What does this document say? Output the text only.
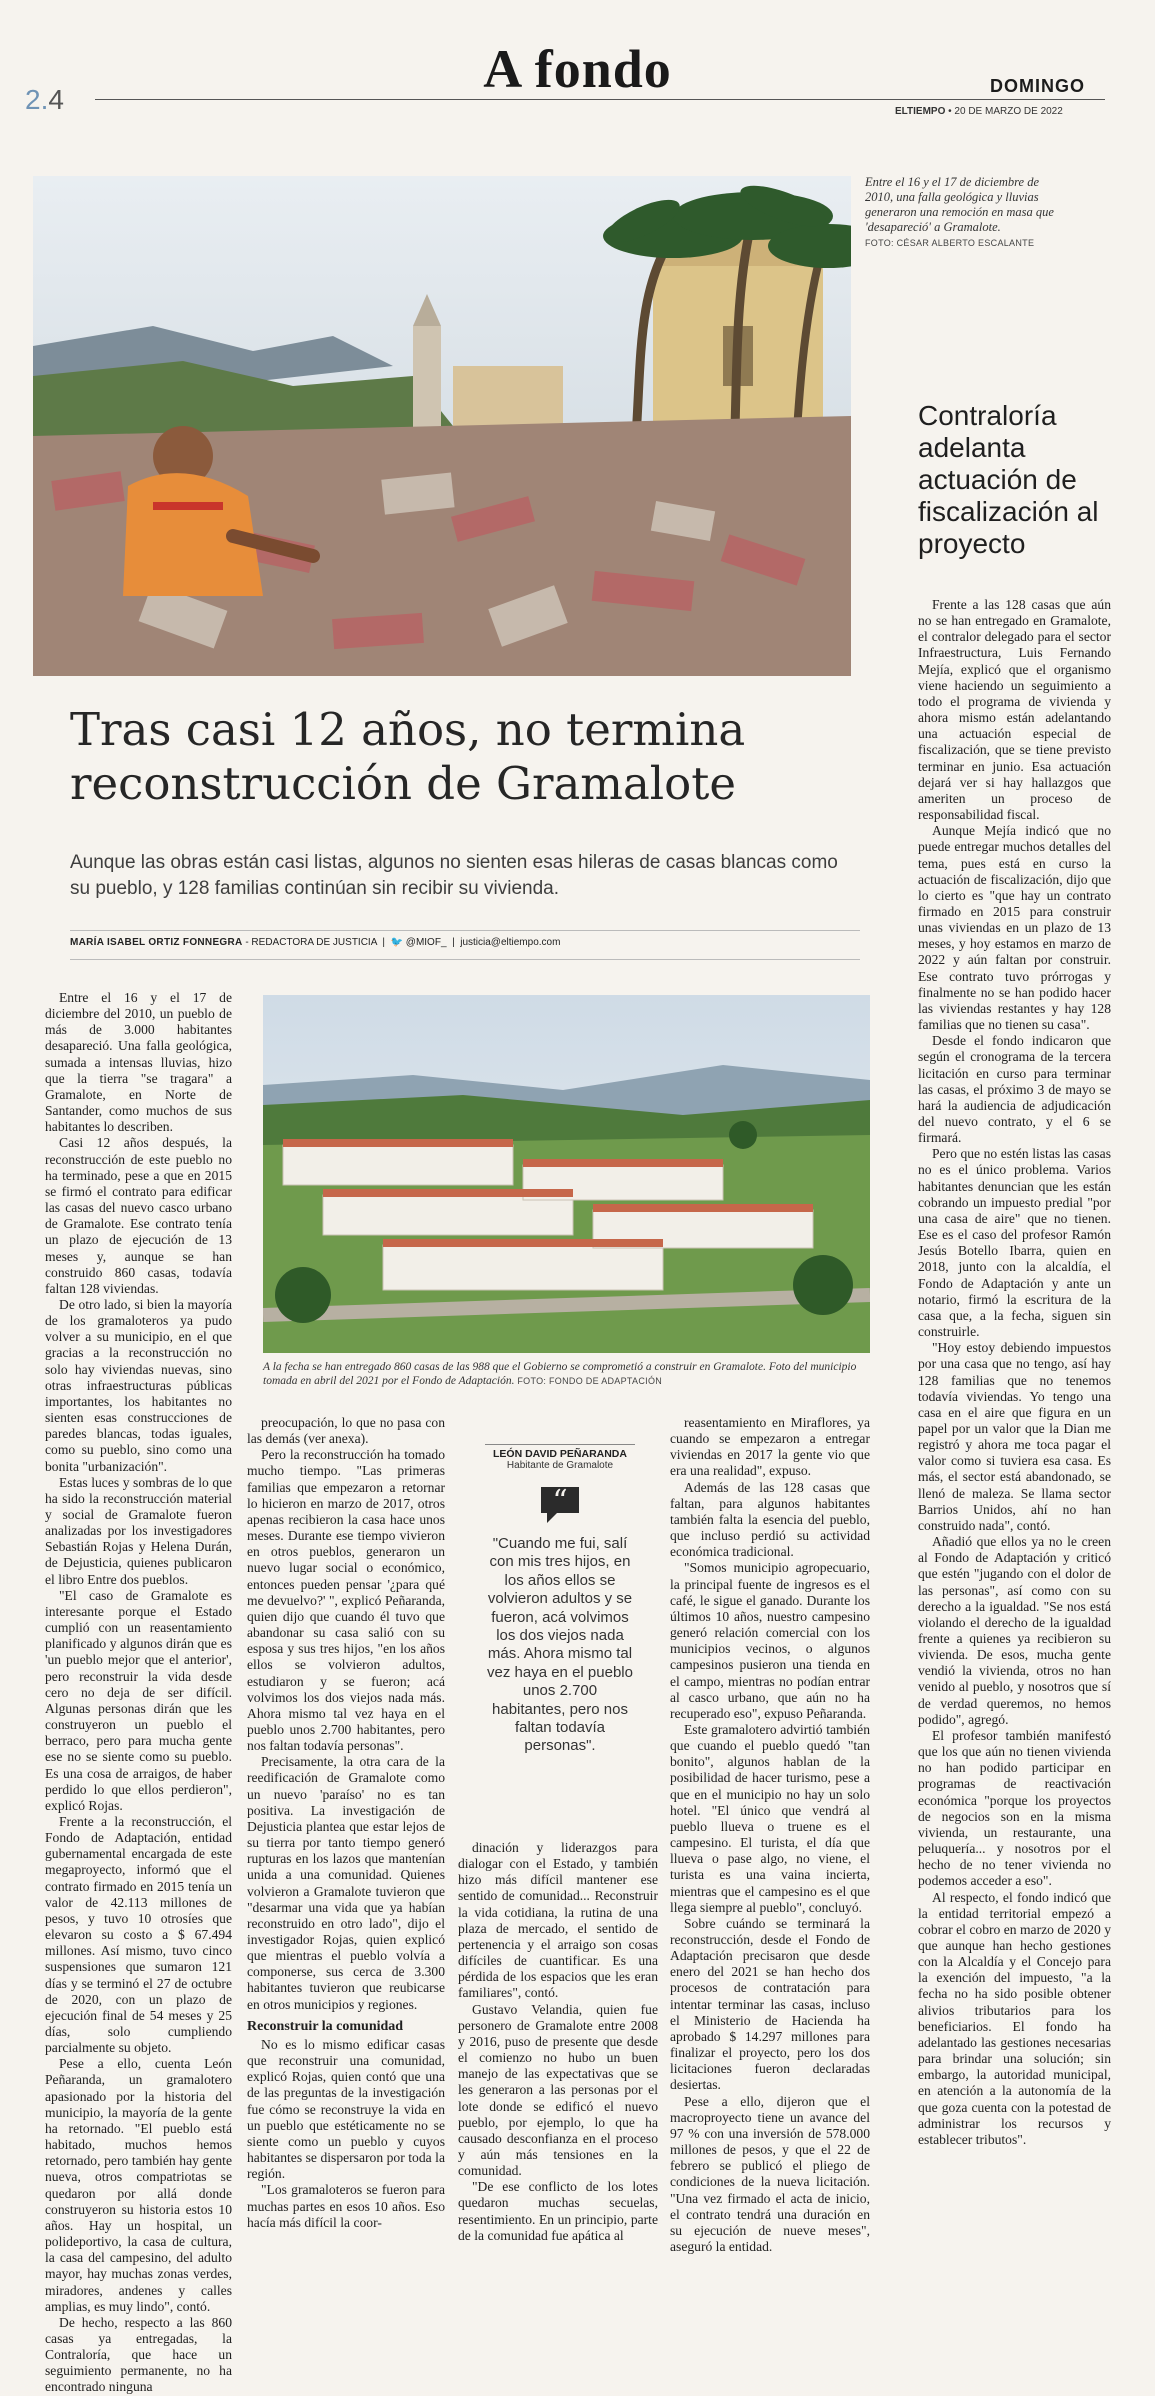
2.4
A fondo	DOMINGO
ELTIEMPO • 20 DE MARZO DE 2022
Entre el 16 y el 17 de diciembre de 2010, una falla geológica y lluvias generaron una remoción en masa que 'desapareció' a Gramalote.
FOTO: CÉSAR ALBERTO ESCALANTE
Contraloría adelanta actuación de fiscalización al proyecto
Tras casi 12 años, no termina reconstrucción de Gramalote
Aunque las obras están casi listas, algunos no sienten esas hileras de casas blancas como su pueblo, y 128 familias continúan sin recibir su vivienda.
MARÍA ISABEL ORTIZ FONNEGRA - REDACTORA DE JUSTICIA  |  🐦 @MIOF_  |  justicia@eltiempo.com

Entre el 16 y el 17 de diciembre del 2010, un pueblo de más de 3.000 habitantes desapareció. Una falla geológica, sumada a intensas lluvias, hizo que la tierra "se tragara" a Gramalote, en Norte de Santander, como muchos de sus habitantes lo describen.

Casi 12 años después, la reconstrucción de este pueblo no ha terminado, pese a que en 2015 se firmó el contrato para edificar las casas del nuevo casco urbano de Gramalote. Ese contrato tenía un plazo de ejecución de 13 meses y, aunque se han construido 860 casas, todavía faltan 128 viviendas.

De otro lado, si bien la mayoría de los gramaloteros ya pudo volver a su municipio, en el que gracias a la reconstrucción no solo hay viviendas nuevas, sino otras infraestructuras públicas importantes, los habitantes no sienten esas construcciones de paredes blancas, todas iguales, como su pueblo, sino como una bonita "urbanización".

Estas luces y sombras de lo que ha sido la reconstrucción material y social de Gramalote fueron analizadas por los investigadores Sebastián Rojas y Helena Durán, de Dejusticia, quienes publicaron el libro Entre dos pueblos.

"El caso de Gramalote es interesante porque el Estado cumplió con un reasentamiento planificado y algunos dirán que es 'un pueblo mejor que el anterior', pero reconstruir la vida desde cero no deja de ser difícil. Algunas personas dirán que les construyeron un pueblo el berraco, pero para mucha gente ese no se siente como su pueblo. Es una cosa de arraigos, de haber perdido lo que ellos perdieron", explicó Rojas.

Frente a la reconstrucción, el Fondo de Adaptación, entidad gubernamental encargada de este megaproyecto, informó que el contrato firmado en 2015 tenía un valor de 42.113 millones de pesos, y tuvo 10 otrosíes que elevaron su costo a $ 67.494 millones. Así mismo, tuvo cinco suspensiones que sumaron 121 días y se terminó el 27 de octubre de 2020, con un plazo de ejecución final de 54 meses y 25 días, solo cumpliendo parcialmente su objeto.

Pese a ello, cuenta León Peñaranda, un gramalotero apasionado por la historia del municipio, la mayoría de la gente ha retornado. "El pueblo está habitado, muchos hemos retornado, pero también hay gente nueva, otros compatriotas se quedaron por allá donde construyeron su historia estos 10 años. Hay un hospital, un polideportivo, la casa de cultura, la casa del campesino, del adulto mayor, hay muchas zonas verdes, miradores, andenes y calles amplias, es muy lindo", contó.

De hecho, respecto a las 860 casas ya entregadas, la Contraloría, que hace un seguimiento permanente, no ha encontrado ninguna

A la fecha se han entregado 860 casas de las 988 que el Gobierno se comprometió a construir en Gramalote. Foto del municipio tomada en abril del 2021 por el Fondo de Adaptación. FOTO: FONDO DE ADAPTACIÓN

preocupación, lo que no pasa con las demás (ver anexa).

Pero la reconstrucción ha tomado mucho tiempo. "Las primeras familias que empezaron a retornar lo hicieron en marzo de 2017, otros apenas recibieron la casa hace unos meses. Durante ese tiempo vivieron en otros pueblos, generaron un nuevo lugar social o económico, entonces pueden pensar '¿para qué me devuelvo?' ", explicó Peñaranda, quien dijo que cuando él tuvo que abandonar su casa salió con su esposa y sus tres hijos, "en los años ellos se volvieron adultos, estudiaron y se fueron; acá volvimos los dos viejos nada más. Ahora mismo tal vez haya en el pueblo unos 2.700 habitantes, pero nos faltan todavía personas".

Precisamente, la otra cara de la reedificación de Gramalote como un nuevo 'paraíso' no es tan positiva. La investigación de Dejusticia plantea que estar lejos de su tierra por tanto tiempo generó rupturas en los lazos que mantenían unida a una comunidad. Quienes volvieron a Gramalote tuvieron que "desarmar una vida que ya habían reconstruido en otro lado", dijo el investigador Rojas, quien explicó que mientras el pueblo volvía a componerse, sus cerca de 3.300 habitantes tuvieron que reubicarse en otros municipios y regiones.

Reconstruir la comunidad

No es lo mismo edificar casas que reconstruir una comunidad, explicó Rojas, quien contó que una de las preguntas de la investigación fue cómo se reconstruye la vida en un pueblo que estéticamente no se siente como un pueblo y cuyos habitantes se dispersaron por toda la región.

"Los gramaloteros se fueron para muchas partes en esos 10 años. Eso hacía más difícil la coor-

LEÓN DAVID PEÑARANDA
Habitante de Gramalote
“
"Cuando me fui, salí con mis tres hijos, en los años ellos se volvieron adultos y se fueron, acá volvimos los dos viejos nada más. Ahora mismo tal vez haya en el pueblo unos 2.700 habitantes, pero nos faltan todavía personas".

dinación y liderazgos para dialogar con el Estado, y también hizo más difícil mantener ese sentido de comunidad... Reconstruir la vida cotidiana, la rutina de una plaza de mercado, el sentido de pertenencia y el arraigo son cosas difíciles de cuantificar. Es una pérdida de los espacios que les eran familiares", contó.

Gustavo Velandia, quien fue personero de Gramalote entre 2008 y 2016, puso de presente que desde el comienzo no hubo un buen manejo de las expectativas que se les generaron a las personas por el lote donde se edificó el nuevo pueblo, por ejemplo, lo que ha causado desconfianza en el proceso y aún más tensiones en la comunidad.

"De ese conflicto de los lotes quedaron muchas secuelas, resentimiento. En un principio, parte de la comunidad fue apática al

reasentamiento en Miraflores, ya cuando se empezaron a entregar viviendas en 2017 la gente vio que era una realidad", expuso.

Además de las 128 casas que faltan, para algunos habitantes también falta la esencia del pueblo, que incluso perdió su actividad económica tradicional.

"Somos municipio agropecuario, la principal fuente de ingresos es el café, le sigue el ganado. Durante los últimos 10 años, nuestro campesino generó relación comercial con los municipios vecinos, o algunos campesinos pusieron una tienda en el campo, mientras no podían entrar al casco urbano, que aún no ha recuperado eso", expuso Peñaranda.

Este gramalotero advirtió también que cuando el pueblo quedó "tan bonito", algunos hablan de la posibilidad de hacer turismo, pese a que en el municipio no hay un solo hotel. "El único que vendrá al pueblo llueva o truene es el campesino. El turista, el día que llueva o pase algo, no viene, el turista es una vaina incierta, mientras que el campesino es el que llega siempre al pueblo", concluyó.

Sobre cuándo se terminará la reconstrucción, desde el Fondo de Adaptación precisaron que desde enero del 2021 se han hecho dos procesos de contratación para intentar terminar las casas, incluso el Ministerio de Hacienda ha aprobado $ 14.297 millones para finalizar el proyecto, pero los dos licitaciones fueron declaradas desiertas.

Pese a ello, dijeron que el macroproyecto tiene un avance del 97 % con una inversión de 578.000 millones de pesos, y que el 22 de febrero se publicó el pliego de condiciones de la nueva licitación. "Una vez firmado el acta de inicio, el contrato tendrá una duración en su ejecución de nueve meses", aseguró la entidad.

Frente a las 128 casas que aún no se han entregado en Gramalote, el contralor delegado para el sector Infraestructura, Luis Fernando Mejía, explicó que el organismo viene haciendo un seguimiento a todo el programa de vivienda y ahora mismo están adelantando una actuación especial de fiscalización, que se tiene previsto terminar en junio. Esa actuación dejará ver si hay hallazgos que ameriten un proceso de responsabilidad fiscal.

Aunque Mejía indicó que no puede entregar muchos detalles del tema, pues está en curso la actuación de fiscalización, dijo que lo cierto es "que hay un contrato firmado en 2015 para construir unas viviendas en un plazo de 13 meses, y hoy estamos en marzo de 2022 y aún faltan por construir. Ese contrato tuvo prórrogas y finalmente no se han podido hacer las viviendas restantes y hay 128 familias que no tienen su casa".

Desde el fondo indicaron que según el cronograma de la tercera licitación en curso para terminar las casas, el próximo 3 de mayo se hará la audiencia de adjudicación del nuevo contrato, y el 6 se firmará.

Pero que no estén listas las casas no es el único problema. Varios habitantes denuncian que les están cobrando un impuesto predial "por una casa de aire" que no tienen. Ese es el caso del profesor Ramón Jesús Botello Ibarra, quien en 2018, junto con la alcaldía, el Fondo de Adaptación y ante un notario, firmó la escritura de la casa que, a la fecha, siguen sin construirle.

"Hoy estoy debiendo impuestos por una casa que no tengo, así hay 128 familias que no tenemos todavía viviendas. Yo tengo una casa en el aire que figura en un papel por un valor que la Dian me registró y ahora me toca pagar el valor como si tuviera esa casa. Es más, el sector está abandonado, se llenó de maleza. Se llama sector Barrios Unidos, ahí no han construido nada", contó.

Añadió que ellos ya no le creen al Fondo de Adaptación y criticó que estén "jugando con el dolor de las personas", así como con su derecho a la igualdad. "Se nos está violando el derecho de la igualdad frente a quienes ya recibieron su vivienda. De esos, mucha gente vendió la vivienda, otros no han venido al pueblo, y nosotros que sí de verdad queremos, no hemos podido", agregó.

El profesor también manifestó que los que aún no tienen vivienda no han podido participar en programas de reactivación económica "porque los proyectos de negocios son en la misma vivienda, un restaurante, una peluquería... y nosotros por el hecho de no tener vivienda no podemos acceder a eso".

Al respecto, el fondo indicó que la entidad territorial empezó a cobrar el cobro en marzo de 2020 y que aunque han hecho gestiones con la Alcaldía y el Concejo para la exención del impuesto, "a la fecha no ha sido posible obtener alivios tributarios para los beneficiarios. El fondo ha adelantado las gestiones necesarias para brindar una solución; sin embargo, la autoridad municipal, en atención a la autonomía de la que goza cuenta con la potestad de administrar los recursos y establecer tributos".
